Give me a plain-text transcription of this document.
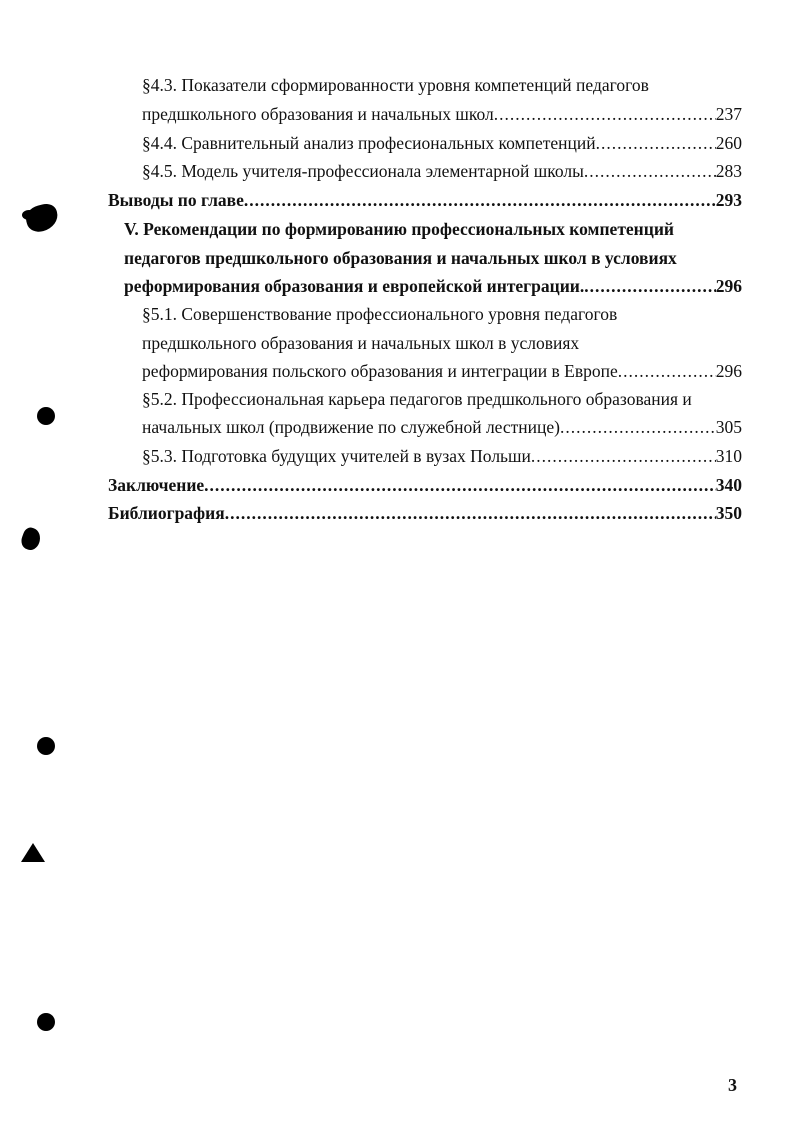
§4.3. Показатели сформированности уровня компетенций педагогов
предшкольного образования и начальных школ .....	237
§4.4. Сравнительный анализ професиональных компетенций .....	260
§4.5. Модель учителя-профессионала элементарной школы .....	283
Выводы по главе .....	293
V. Рекомендации по формированию профессиональных компетенций
педагогов предшкольного образования и начальных школ в условиях
реформирования образования и европейской интеграции. .....	296
§5.1. Совершенствование профессионального уровня педагогов
предшкольного образования и начальных школ в условиях
реформирования польского образования и интеграции в Европе .....	296
§5.2. Профессиональная карьера педагогов предшкольного образования и
начальных школ (продвижение по служебной лестнице) .....	305
§5.3. Подготовка будущих учителей в вузах Польши .....	310
Заключение .....	340
Библиография .....	350
3
